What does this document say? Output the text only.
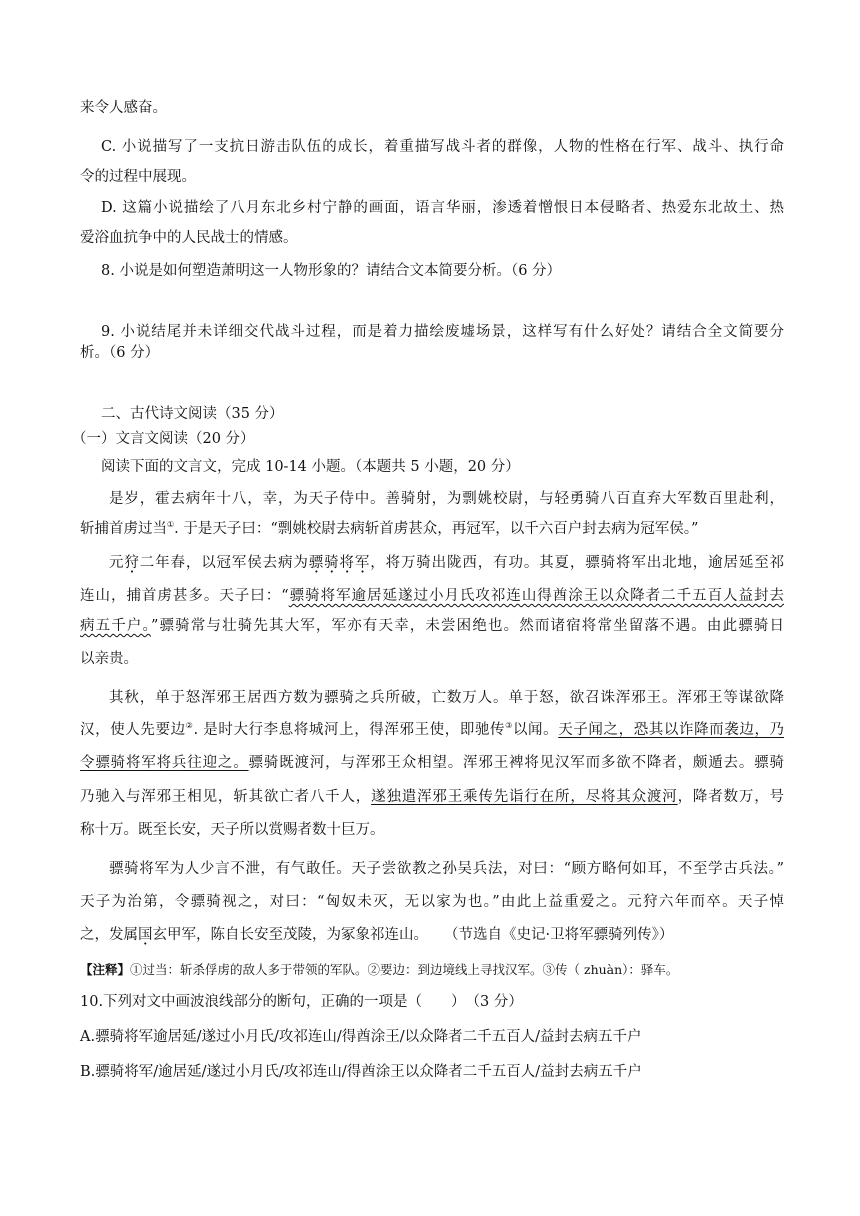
来令人感奋。
C. 小说描写了一支抗日游击队伍的成长，着重描写战斗者的群像，人物的性格在行军、战斗、执行命
令的过程中展现。
D. 这篇小说描绘了八月东北乡村宁静的画面，语言华丽，渗透着憎恨日本侵略者、热爱东北故土、热
爱浴血抗争中的人民战士的情感。
8. 小说是如何塑造萧明这一人物形象的？请结合文本简要分析。（6 分）
9. 小说结尾并未详细交代战斗过程，而是着力描绘废墟场景，这样写有什么好处？请结合全文简要分
析。（6 分）
二、古代诗文阅读（35 分）
（一）文言文阅读（20 分）
阅读下面的文言文，完成 10-14 小题。（本题共 5 小题，20 分）
是岁，霍去病年十八，幸，为天子侍中。善骑射，为剽姚校尉，与轻勇骑八百直弃大军数百里赴利，
斩捕首虏过当①. 于是天子曰：“剽姚校尉去病斩首虏甚众，再冠军，以千六百户封去病为冠军侯。”
元狩二年春，以冠军侯去病为骠骑将军，将万骑出陇西，有功。其夏，骠骑将军出北地，逾居延至祁
连山，捕首虏甚多。天子曰：“骠骑将军逾居延遂过小月氏攻祁连山得酋涂王以众降者二千五百人益封去
病五千户。”骠骑常与壮骑先其大军，军亦有天幸，未尝困绝也。然而诸宿将常坐留落不遇。由此骠骑日
以亲贵。
其秋，单于怒浑邪王居西方数为骠骑之兵所破，亡数万人。单于怒，欲召诛浑邪王。浑邪王等谋欲降
汉，使人先要边②. 是时大行李息将城河上，得浑邪王使，即驰传③以闻。天子闻之，恐其以诈降而袭边，乃
令骠骑将军将兵往迎之。骠骑既渡河，与浑邪王众相望。浑邪王裨将见汉军而多欲不降者，颇遁去。骠骑
乃驰入与浑邪王相见，斩其欲亡者八千人，遂独遣浑邪王乘传先诣行在所，尽将其众渡河，降者数万，号
称十万。既至长安，天子所以赏赐者数十巨万。
骠骑将军为人少言不泄，有气敢任。天子尝欲教之孙吴兵法，对曰：“顾方略何如耳，不至学古兵法。”
天子为治第，令骠骑视之，对曰：“匈奴未灭，无以家为也。”由此上益重爱之。元狩六年而卒。天子悼
之，发属国玄甲军，陈自长安至茂陵，为冢象祁连山。 （节选自《史记·卫将军骠骑列传》）
【注释】①过当：斩杀俘虏的敌人多于带领的军队。②要边：到边境线上寻找汉军。③传（ zhuàn）：驿车。
10.下列对文中画波浪线部分的断句，正确的一项是（　　）　（3 分）
A.骠骑将军逾居延/遂过小月氏/攻祁连山/得酋涂王/以众降者二千五百人/益封去病五千户
B.骠骑将军/逾居延/遂过小月氏/攻祁连山/得酋涂王以众降者二千五百人/益封去病五千户
